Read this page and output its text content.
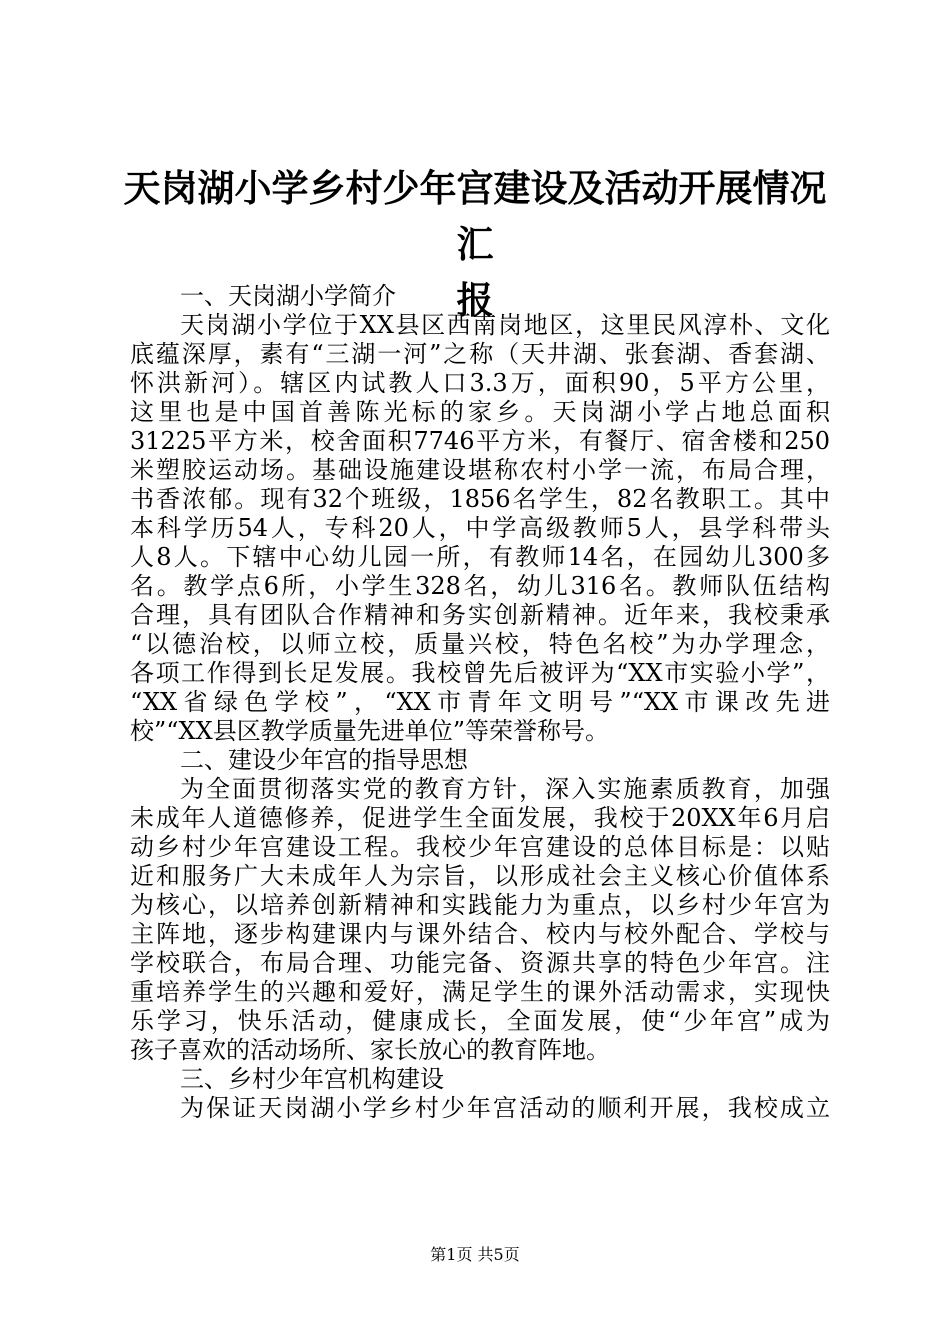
天岗湖小学乡村少年宫建设及活动开展情况汇
报
一、天岗湖小学简介
天岗湖小学位于XX县区西南岗地区，这里民风淳朴、文化
底蕴深厚，素有“三湖一河”之称（天井湖、张套湖、香套湖、
怀洪新河）。辖区内试教人口3.3万，面积90，5平方公里，
这里也是中国首善陈光标的家乡。天岗湖小学占地总面积
31225平方米，校舍面积7746平方米，有餐厅、宿舍楼和250
米塑胶运动场。基础设施建设堪称农村小学一流，布局合理，
书香浓郁。现有32个班级，1856名学生，82名教职工。其中
本科学历54人，专科20人，中学高级教师5人，县学科带头
人8人。下辖中心幼儿园一所，有教师14名，在园幼儿300多
名。教学点6所，小学生328名，幼儿316名。教师队伍结构
合理，具有团队合作精神和务实创新精神。近年来，我校秉承
“以德治校，以师立校，质量兴校，特色名校”为办学理念，
各项工作得到长足发展。我校曾先后被评为“XX市实验小学”，
“XX省绿色学校”，“XX市青年文明号”“XX市课改先进
校”“XX县区教学质量先进单位”等荣誉称号。
二、建设少年宫的指导思想
为全面贯彻落实党的教育方针，深入实施素质教育，加强
未成年人道德修养，促进学生全面发展，我校于20XX年6月启
动乡村少年宫建设工程。我校少年宫建设的总体目标是：以贴
近和服务广大未成年人为宗旨，以形成社会主义核心价值体系
为核心，以培养创新精神和实践能力为重点，以乡村少年宫为
主阵地，逐步构建课内与课外结合、校内与校外配合、学校与
学校联合，布局合理、功能完备、资源共享的特色少年宫。注
重培养学生的兴趣和爱好，满足学生的课外活动需求，实现快
乐学习，快乐活动，健康成长，全面发展，使“少年宫”成为
孩子喜欢的活动场所、家长放心的教育阵地。
三、乡村少年宫机构建设
为保证天岗湖小学乡村少年宫活动的顺利开展，我校成立
第1页 共5页
